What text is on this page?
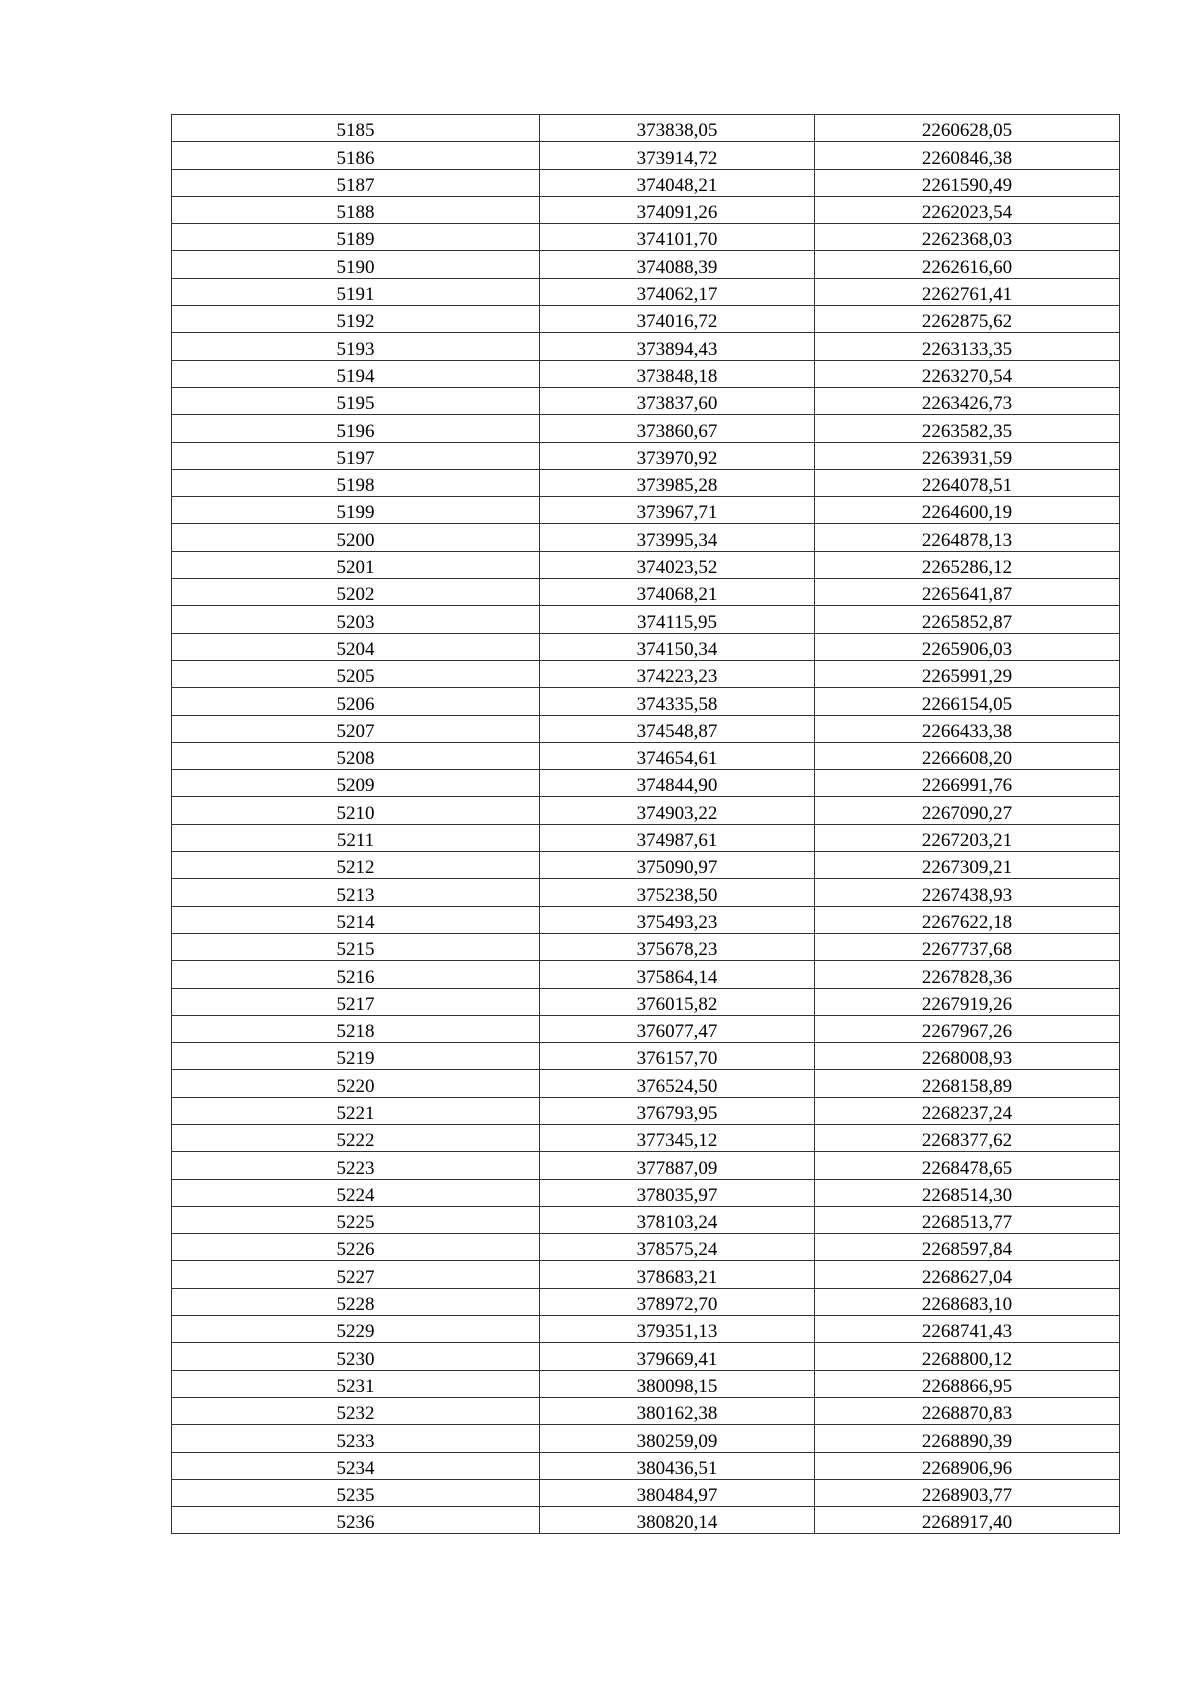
5185	373838,05	2260628,05
5186	373914,72	2260846,38
5187	374048,21	2261590,49
5188	374091,26	2262023,54
5189	374101,70	2262368,03
5190	374088,39	2262616,60
5191	374062,17	2262761,41
5192	374016,72	2262875,62
5193	373894,43	2263133,35
5194	373848,18	2263270,54
5195	373837,60	2263426,73
5196	373860,67	2263582,35
5197	373970,92	2263931,59
5198	373985,28	2264078,51
5199	373967,71	2264600,19
5200	373995,34	2264878,13
5201	374023,52	2265286,12
5202	374068,21	2265641,87
5203	374115,95	2265852,87
5204	374150,34	2265906,03
5205	374223,23	2265991,29
5206	374335,58	2266154,05
5207	374548,87	2266433,38
5208	374654,61	2266608,20
5209	374844,90	2266991,76
5210	374903,22	2267090,27
5211	374987,61	2267203,21
5212	375090,97	2267309,21
5213	375238,50	2267438,93
5214	375493,23	2267622,18
5215	375678,23	2267737,68
5216	375864,14	2267828,36
5217	376015,82	2267919,26
5218	376077,47	2267967,26
5219	376157,70	2268008,93
5220	376524,50	2268158,89
5221	376793,95	2268237,24
5222	377345,12	2268377,62
5223	377887,09	2268478,65
5224	378035,97	2268514,30
5225	378103,24	2268513,77
5226	378575,24	2268597,84
5227	378683,21	2268627,04
5228	378972,70	2268683,10
5229	379351,13	2268741,43
5230	379669,41	2268800,12
5231	380098,15	2268866,95
5232	380162,38	2268870,83
5233	380259,09	2268890,39
5234	380436,51	2268906,96
5235	380484,97	2268903,77
5236	380820,14	2268917,40
